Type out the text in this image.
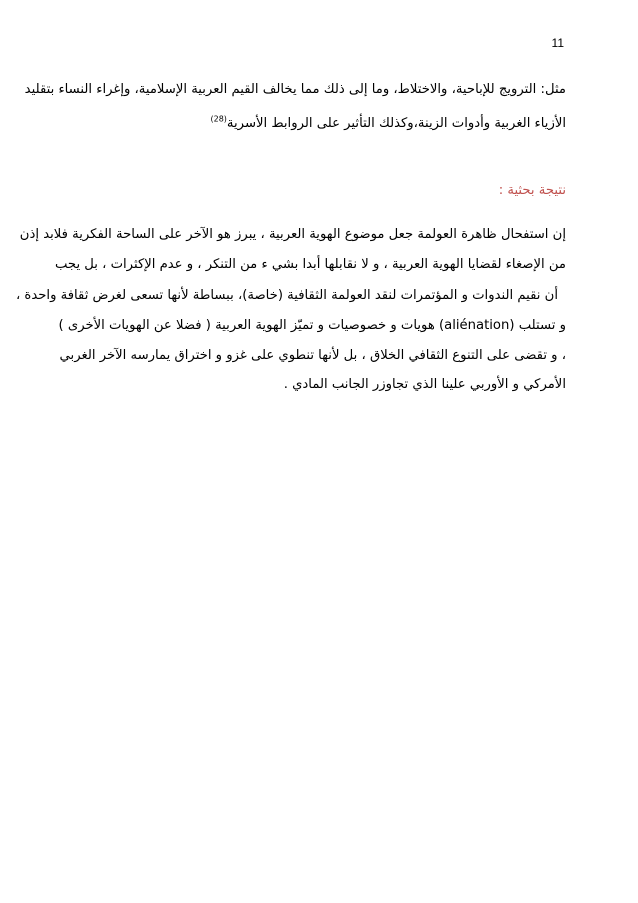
11
مثل: الترويج للإباحية، والاختلاط، وما إلى ذلك مما يخالف القيم العربية الإسلامية، وإغراء النساء بتقليد
الأزياء الغربية وأدوات الزينة،وكذلك التأثير على الروابط الأسرية$^{(28)}$
نتيجة بحثية :
إن استفحال ظاهرة العولمة جعل موضوع الهوية العربية ، يبرز هو الآخر على الساحة الفكرية فلابد إذن
من الإصغاء لقضايا الهوية العربية ، و لا نقابلها أبدا بشي ء من التنكر ، و عدم الإكثرات ، بل يجب
أن نقيم الندوات و المؤتمرات لنقد العولمة الثقافية (خاصة)، ببساطة لأنها تسعى لغرض ثقافة واحدة ،
و تستلب (aliénation) هويات و خصوصيات و تميّز الهوية العربية ( فضلا عن الهويات الأخرى )
، و تقضى على التنوع الثقافي الخلاق ، بل لأنها تنطوي على غزو و اختراق يمارسه الآخر الغربي
الأمركي و الأوربي علينا الذي تجاوزر الجانب المادي .
